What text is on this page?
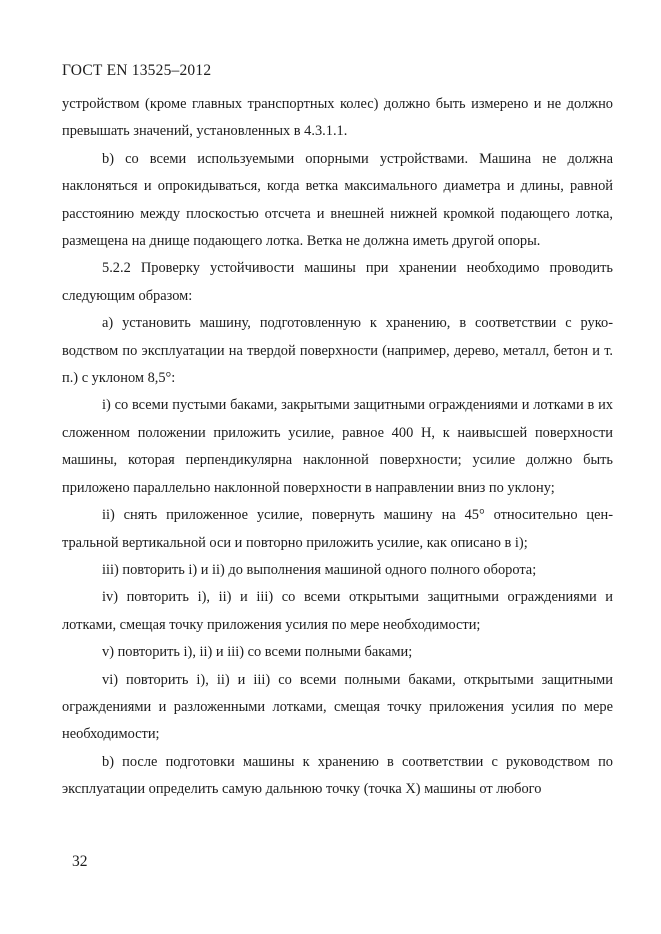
ГОСТ EN 13525–2012

устройством (кроме главных транспортных колес) должно быть измерено и не должно превышать значений, установленных в 4.3.1.1.

b) со всеми используемыми опорными устройствами. Машина не должна наклоняться и опрокидываться, когда ветка максимального диаметра и длины, равной расстоянию между плоскостью отсчета и внешней нижней кромкой подающего лотка, размещена на днище подающего лотка. Ветка не должна иметь другой опоры.

5.2.2 Проверку устойчивости машины при хранении необходимо проводить следующим образом:

а) установить машину, подготовленную к хранению, в соответствии с руководством по эксплуатации на твердой поверхности (например, дерево, металл, бетон и т. п.) с уклоном 8,5°:

i) со всеми пустыми баками, закрытыми защитными ограждениями и лотками в их сложенном положении приложить усилие, равное 400 Н, к наивысшей поверхности машины, которая перпендикулярна наклонной поверхности; усилие должно быть приложено параллельно наклонной поверхности в направлении вниз по уклону;

ii) снять приложенное усилие, повернуть машину на 45° относительно центральной вертикальной оси и повторно приложить усилие, как описано в i);

iii) повторить i) и ii) до выполнения машиной одного полного оборота;

iv) повторить i), ii) и iii) со всеми открытыми защитными ограждениями и лотками, смещая точку приложения усилия по мере необходимости;

v) повторить i), ii) и iii) со всеми полными баками;

vi) повторить i), ii) и iii) со всеми полными баками, открытыми защитными ограждениями и разложенными лотками, смещая точку приложения усилия по мере необходимости;

b) после подготовки машины к хранению в соответствии с руководством по эксплуатации определить самую дальнюю точку (точка X) машины от любого

32
